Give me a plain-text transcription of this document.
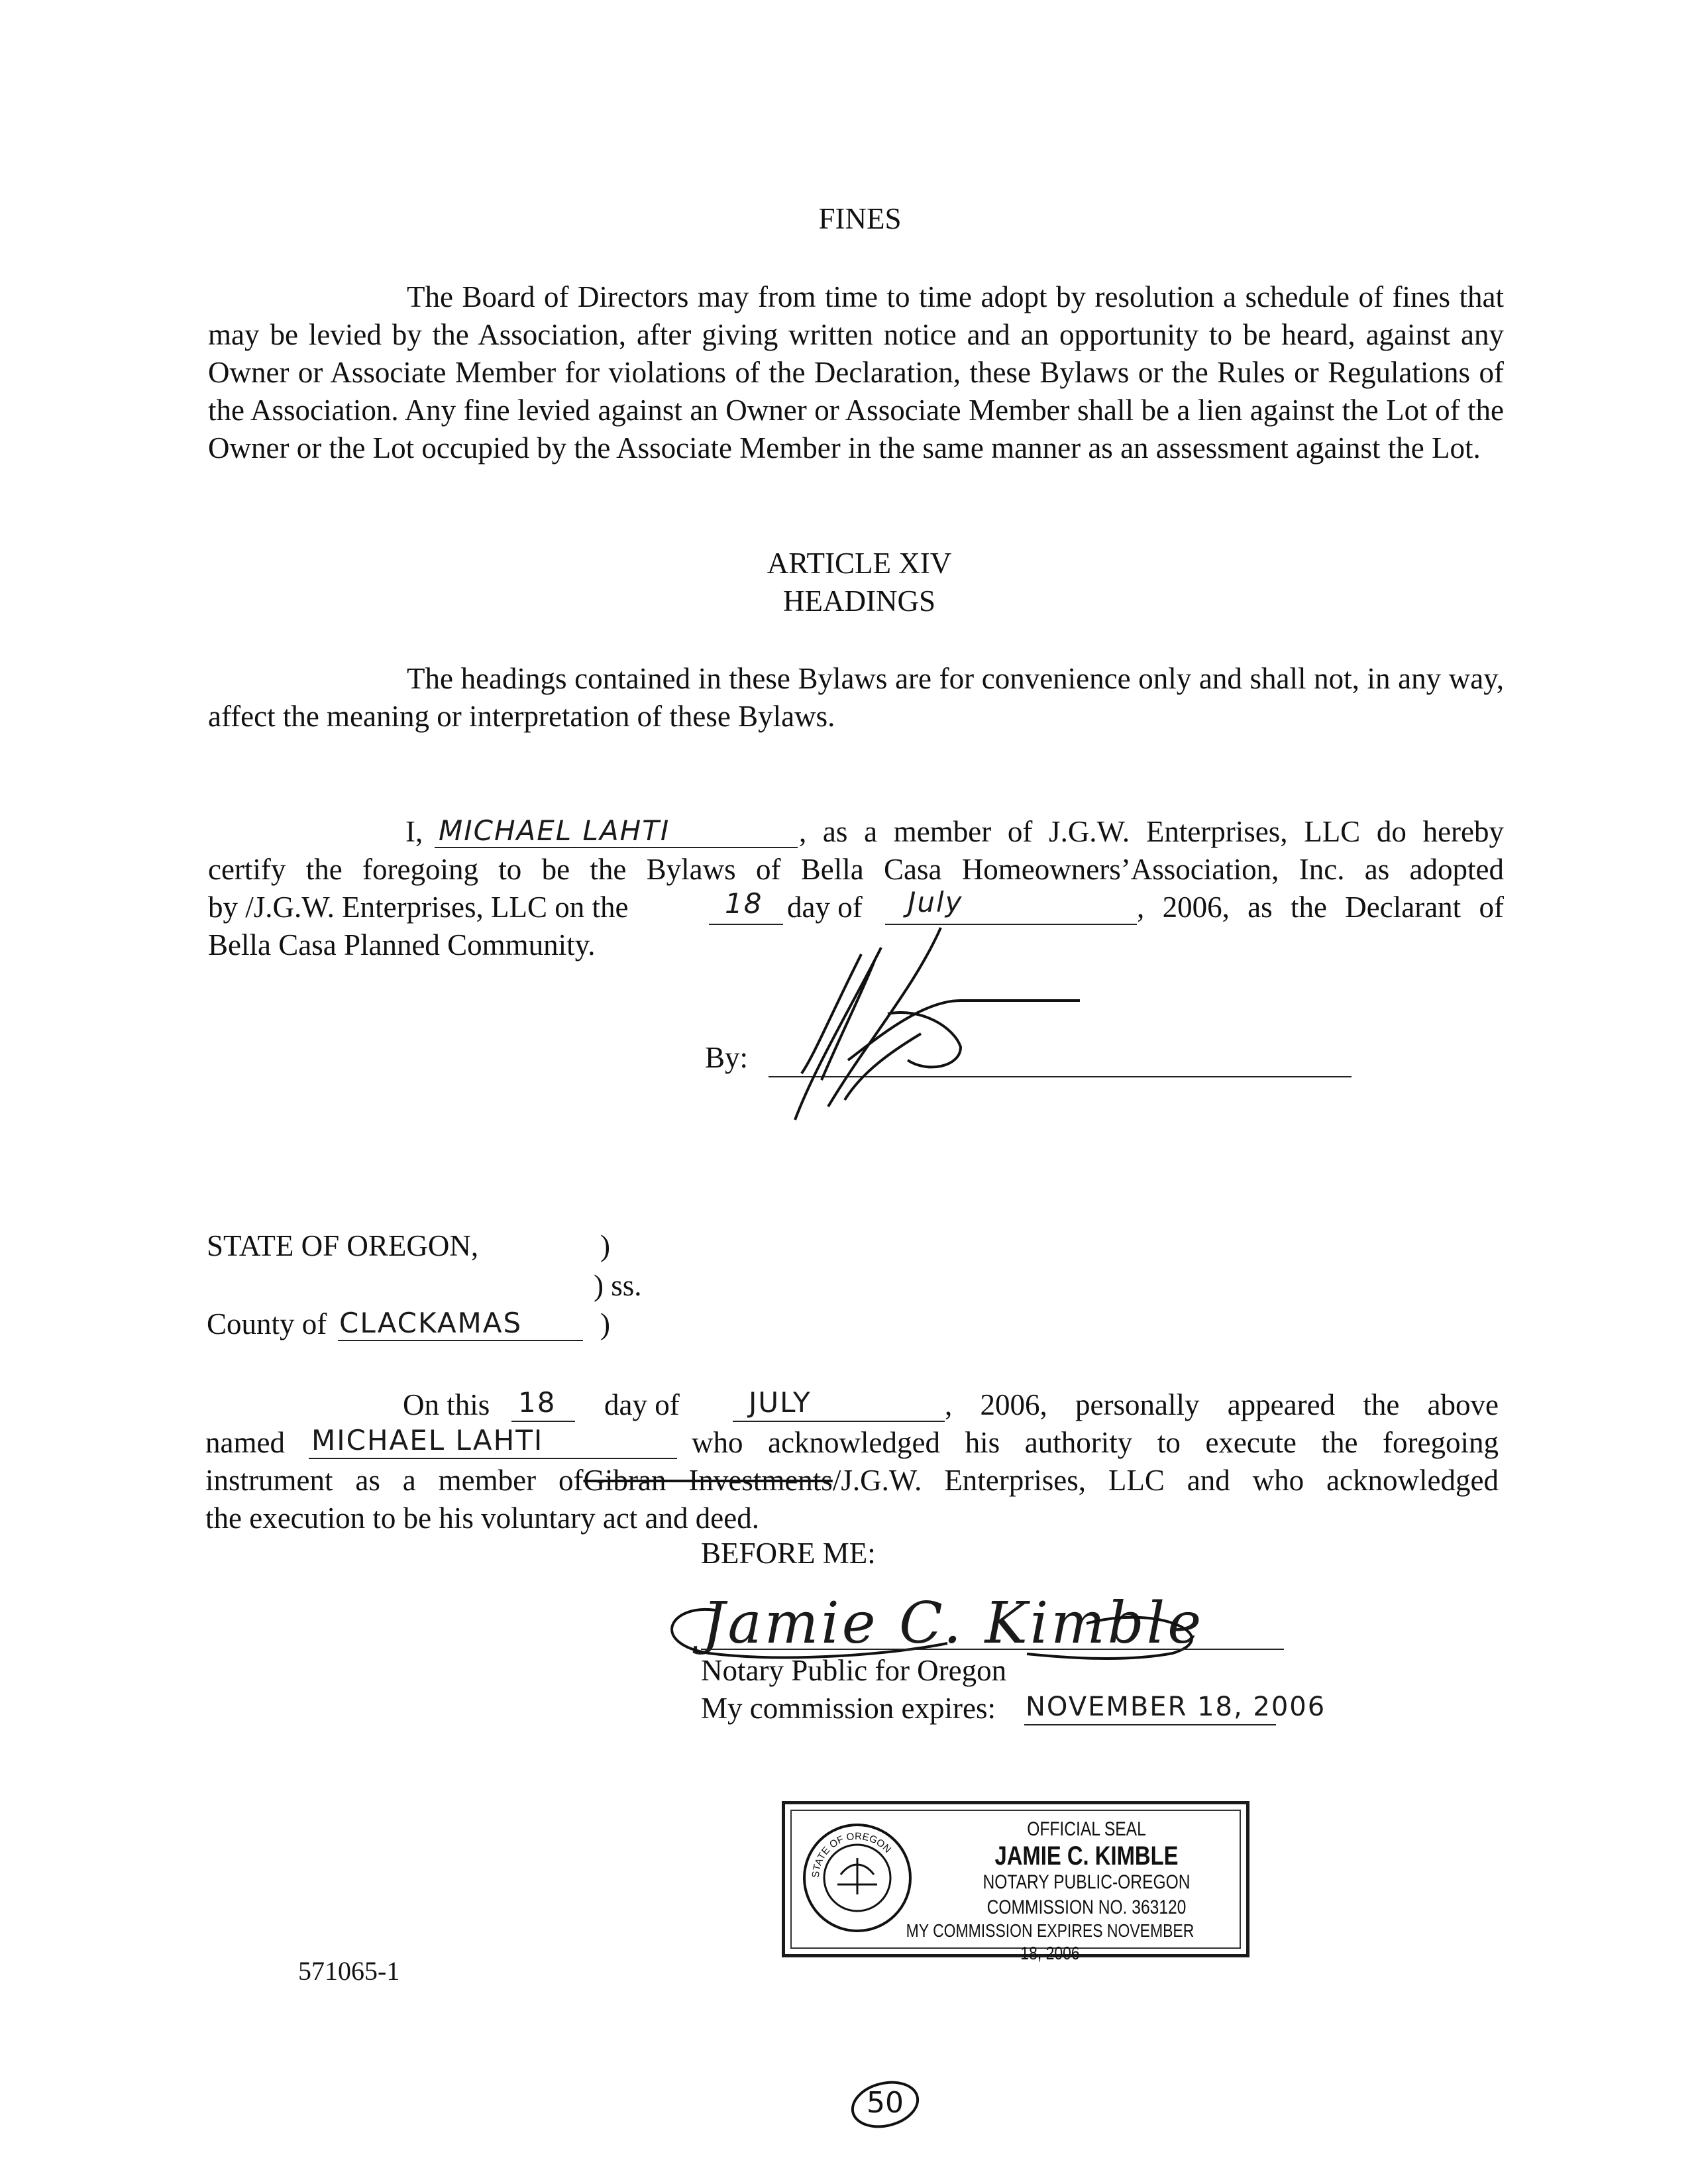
FINES
The Board of Directors may from time to time adopt by resolution a schedule of fines that may be levied by the Association, after giving written notice and an opportunity to be heard, against any Owner or Associate Member for violations of the Declaration, these Bylaws or the Rules or Regulations of the Association. Any fine levied against an Owner or Associate Member shall be a lien against the Lot of the Owner or the Lot occupied by the Associate Member in the same manner as an assessment against the Lot.
ARTICLE XIV
HEADINGS
The headings contained in these Bylaws are for convenience only and shall not, in any way, affect the meaning or interpretation of these Bylaws.
I, MICHAEL LAHTI	, as a member of J.G.W. Enterprises, LLC do hereby
certify the foregoing to be the Bylaws of Bella Casa Homeowners’Association, Inc. as adopted
by /J.G.W. Enterprises, LLC on the	18 day of July	, 2006, as the Declarant of
Bella Casa Planned Community.
By:
STATE OF OREGON,	)
) ss.
County of CLACKAMAS	)
On this 18 day of JULY	, 2006, personally appeared the above
named MICHAEL LAHTI	who acknowledged his authority to execute the foregoing
instrument as a member ofGibran Investments/J.G.W. Enterprises, LLC and who acknowledged
the execution to be his voluntary act and deed.
BEFORE ME:
Jamie C. Kimble
Notary Public for Oregon
My commission expires: NOVEMBER 18, 2006
STATE OF OREGON
OFFICIAL SEAL
JAMIE C. KIMBLE
NOTARY PUBLIC-OREGON
COMMISSION NO. 363120
MY COMMISSION EXPIRES NOVEMBER 18, 2006
571065-1
50
